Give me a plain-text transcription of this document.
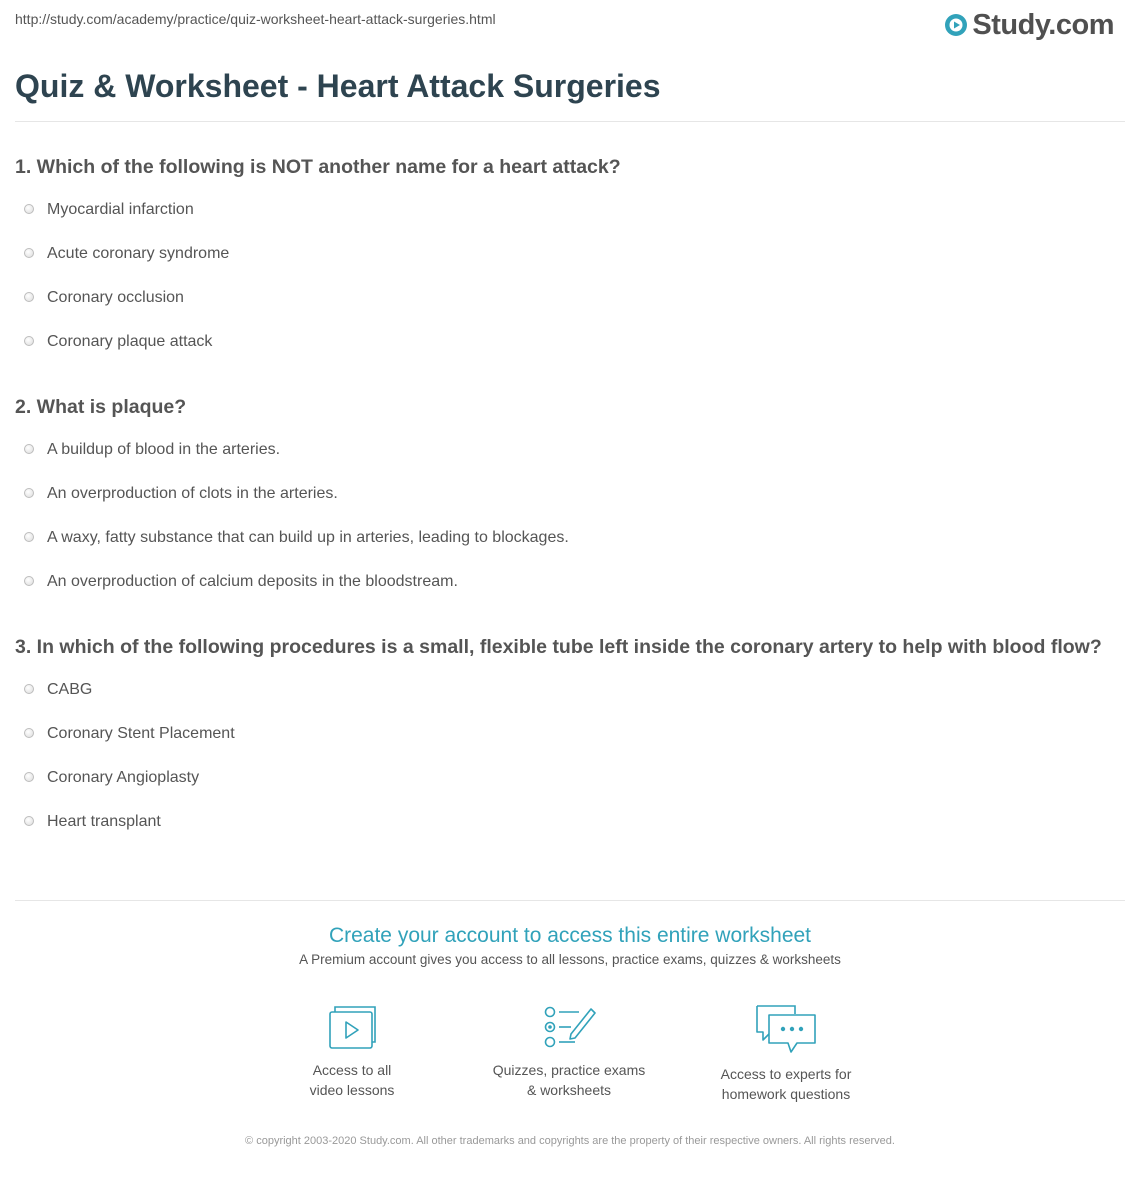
http://study.com/academy/practice/quiz-worksheet-heart-attack-surgeries.html	Study.com
Quiz & Worksheet - Heart Attack Surgeries
1. Which of the following is NOT another name for a heart attack?
Myocardial infarction
Acute coronary syndrome
Coronary occlusion
Coronary plaque attack
2. What is plaque?
A buildup of blood in the arteries.
An overproduction of clots in the arteries.
A waxy, fatty substance that can build up in arteries, leading to blockages.
An overproduction of calcium deposits in the bloodstream.
3. In which of the following procedures is a small, flexible tube left inside the coronary artery to help with blood flow?
CABG
Coronary Stent Placement
Coronary Angioplasty
Heart transplant
Create your account to access this entire worksheet
A Premium account gives you access to all lessons, practice exams, quizzes & worksheets
Access to all
video lessons
Quizzes, practice exams
& worksheets
Access to experts for
homework questions
© copyright 2003-2020 Study.com. All other trademarks and copyrights are the property of their respective owners. All rights reserved.
